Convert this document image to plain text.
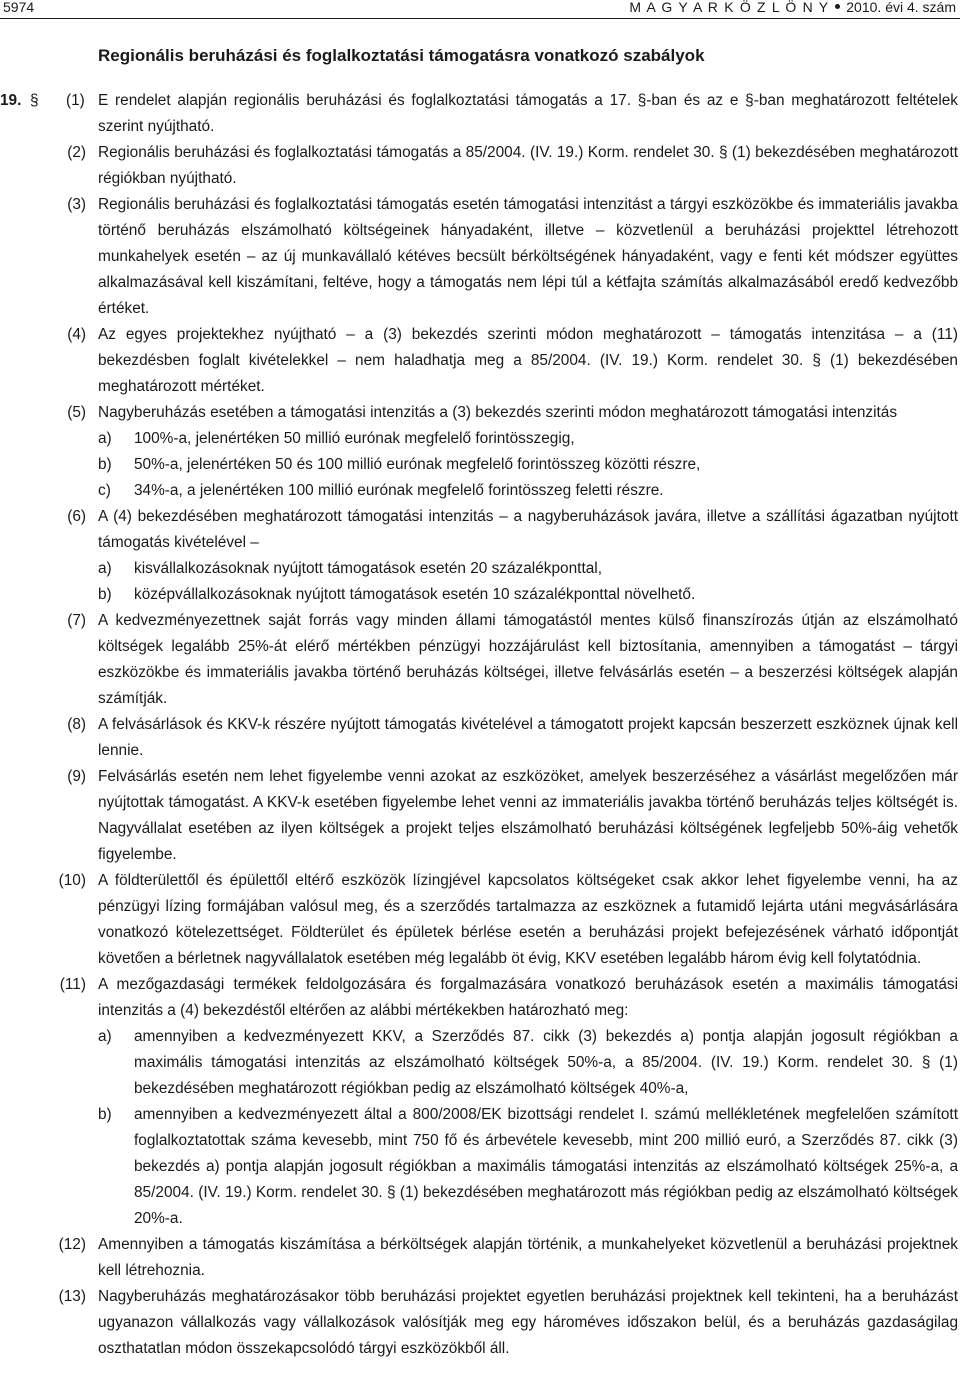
5974	M A G Y A R K Ö Z L Ö N Y 2010. évi 4. szám
Regionális beruházási és foglalkoztatási támogatásra vonatkozó szabályok
19. § (1) E rendelet alapján regionális beruházási és foglalkoztatási támogatás a 17. §-ban és az e §-ban meghatározott feltételek szerint nyújtható.

(2) Regionális beruházási és foglalkoztatási támogatás a 85/2004. (IV. 19.) Korm. rendelet 30. § (1) bekezdésében meghatározott régiókban nyújtható.

(3) Regionális beruházási és foglalkoztatási támogatás esetén támogatási intenzitást a tárgyi eszközökbe és immateriális javakba történő beruházás elszámolható költségeinek hányadaként, illetve – közvetlenül a beruházási projekttel létrehozott munkahelyek esetén – az új munkavállaló kétéves becsült bérköltségének hányadaként, vagy e fenti két módszer együttes alkalmazásával kell kiszámítani, feltéve, hogy a támogatás nem lépi túl a kétfajta számítás alkalmazásából eredő kedvezőbb értéket.

(4) Az egyes projektekhez nyújtható – a (3) bekezdés szerinti módon meghatározott – támogatás intenzitása – a (11) bekezdésben foglalt kivételekkel – nem haladhatja meg a 85/2004. (IV. 19.) Korm. rendelet 30. § (1) bekezdésében meghatározott mértéket.

(5) Nagyberuházás esetében a támogatási intenzitás a (3) bekezdés szerinti módon meghatározott támogatási intenzitás

a) 100%-a, jelenértéken 50 millió eurónak megfelelő forintösszegig,

b) 50%-a, jelenértéken 50 és 100 millió eurónak megfelelő forintösszeg közötti részre,

c) 34%-a, a jelenértéken 100 millió eurónak megfelelő forintösszeg feletti részre.

(6) A (4) bekezdésében meghatározott támogatási intenzitás – a nagyberuházások javára, illetve a szállítási ágazatban nyújtott támogatás kivételével –

a) kisvállalkozásoknak nyújtott támogatások esetén 20 százalékponttal,

b) középvállalkozásoknak nyújtott támogatások esetén 10 százalékponttal növelhető.

(7) A kedvezményezettnek saját forrás vagy minden állami támogatástól mentes külső finanszírozás útján az elszámolható költségek legalább 25%-át elérő mértékben pénzügyi hozzájárulást kell biztosítania, amennyiben a támogatást – tárgyi eszközökbe és immateriális javakba történő beruházás költségei, illetve felvásárlás esetén – a beszerzési költségek alapján számítják.

(8) A felvásárlások és KKV-k részére nyújtott támogatás kivételével a támogatott projekt kapcsán beszerzett eszköznek újnak kell lennie.

(9) Felvásárlás esetén nem lehet figyelembe venni azokat az eszközöket, amelyek beszerzéséhez a vásárlást megelőzően már nyújtottak támogatást. A KKV-k esetében figyelembe lehet venni az immateriális javakba történő beruházás teljes költségét is. Nagyvállalat esetében az ilyen költségek a projekt teljes elszámolható beruházási költségének legfeljebb 50%-áig vehetők figyelembe.

(10) A földterülettől és épülettől eltérő eszközök lízingjével kapcsolatos költségeket csak akkor lehet figyelembe venni, ha az pénzügyi lízing formájában valósul meg, és a szerződés tartalmazza az eszköznek a futamidő lejárta utáni megvásárlására vonatkozó kötelezettséget. Földterület és épületek bérlése esetén a beruházási projekt befejezésének várható időpontját követően a bérletnek nagyvállalatok esetében még legalább öt évig, KKV esetében legalább három évig kell folytatódnia.

(11) A mezőgazdasági termékek feldolgozására és forgalmazására vonatkozó beruházások esetén a maximális támogatási intenzitás a (4) bekezdéstől eltérően az alábbi mértékekben határozható meg:

a) amennyiben a kedvezményezett KKV, a Szerződés 87. cikk (3) bekezdés a) pontja alapján jogosult régiókban a maximális támogatási intenzitás az elszámolható költségek 50%-a, a 85/2004. (IV. 19.) Korm. rendelet 30. § (1) bekezdésében meghatározott régiókban pedig az elszámolható költségek 40%-a,

b) amennyiben a kedvezményezett által a 800/2008/EK bizottsági rendelet I. számú mellékletének megfelelően számított foglalkoztatottak száma kevesebb, mint 750 fő és árbevétele kevesebb, mint 200 millió euró, a Szerződés 87. cikk (3) bekezdés a) pontja alapján jogosult régiókban a maximális támogatási intenzitás az elszámolható költségek 25%-a, a 85/2004. (IV. 19.) Korm. rendelet 30. § (1) bekezdésében meghatározott más régiókban pedig az elszámolható költségek 20%-a.

(12) Amennyiben a támogatás kiszámítása a bérköltségek alapján történik, a munkahelyeket közvetlenül a beruházási projektnek kell létrehoznia.

(13) Nagyberuházás meghatározásakor több beruházási projektet egyetlen beruházási projektnek kell tekinteni, ha a beruházást ugyanazon vállalkozás vagy vállalkozások valósítják meg egy hároméves időszakon belül, és a beruházás gazdaságilag oszthatatlan módon összekapcsolódó tárgyi eszközökből áll.
